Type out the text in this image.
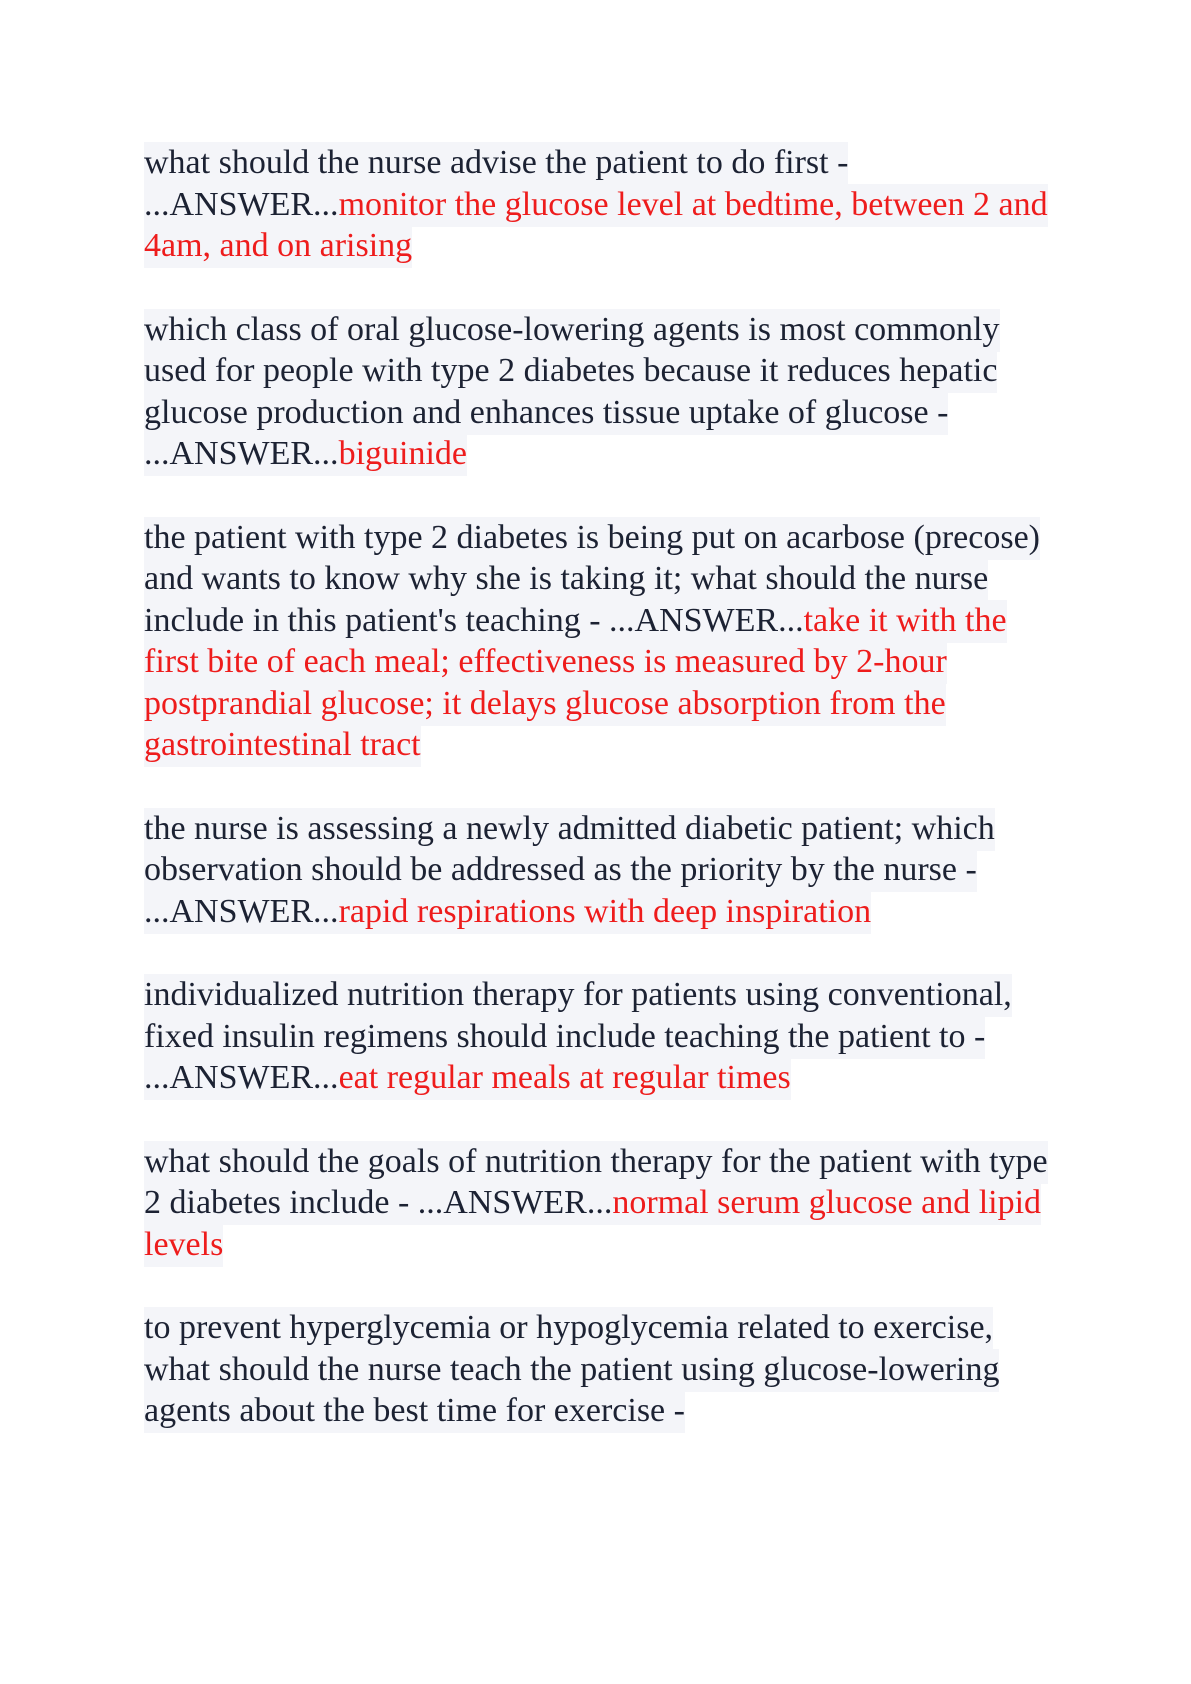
what should the nurse advise the patient to do first - ...ANSWER...monitor the glucose level at bedtime, between 2 and 4am, and on arising

which class of oral glucose-lowering agents is most commonly used for people with type 2 diabetes because it reduces hepatic glucose production and enhances tissue uptake of glucose - ...ANSWER...biguinide

the patient with type 2 diabetes is being put on acarbose (precose) and wants to know why she is taking it; what should the nurse include in this patient's teaching - ...ANSWER...take it with the first bite of each meal; effectiveness is measured by 2-hour postprandial glucose; it delays glucose absorption from the gastrointestinal tract

the nurse is assessing a newly admitted diabetic patient; which observation should be addressed as the priority by the nurse - ...ANSWER...rapid respirations with deep inspiration

individualized nutrition therapy for patients using conventional, fixed insulin regimens should include teaching the patient to - ...ANSWER...eat regular meals at regular times

what should the goals of nutrition therapy for the patient with type 2 diabetes include - ...ANSWER...normal serum glucose and lipid levels

to prevent hyperglycemia or hypoglycemia related to exercise, what should the nurse teach the patient using glucose-lowering agents about the best time for exercise -
